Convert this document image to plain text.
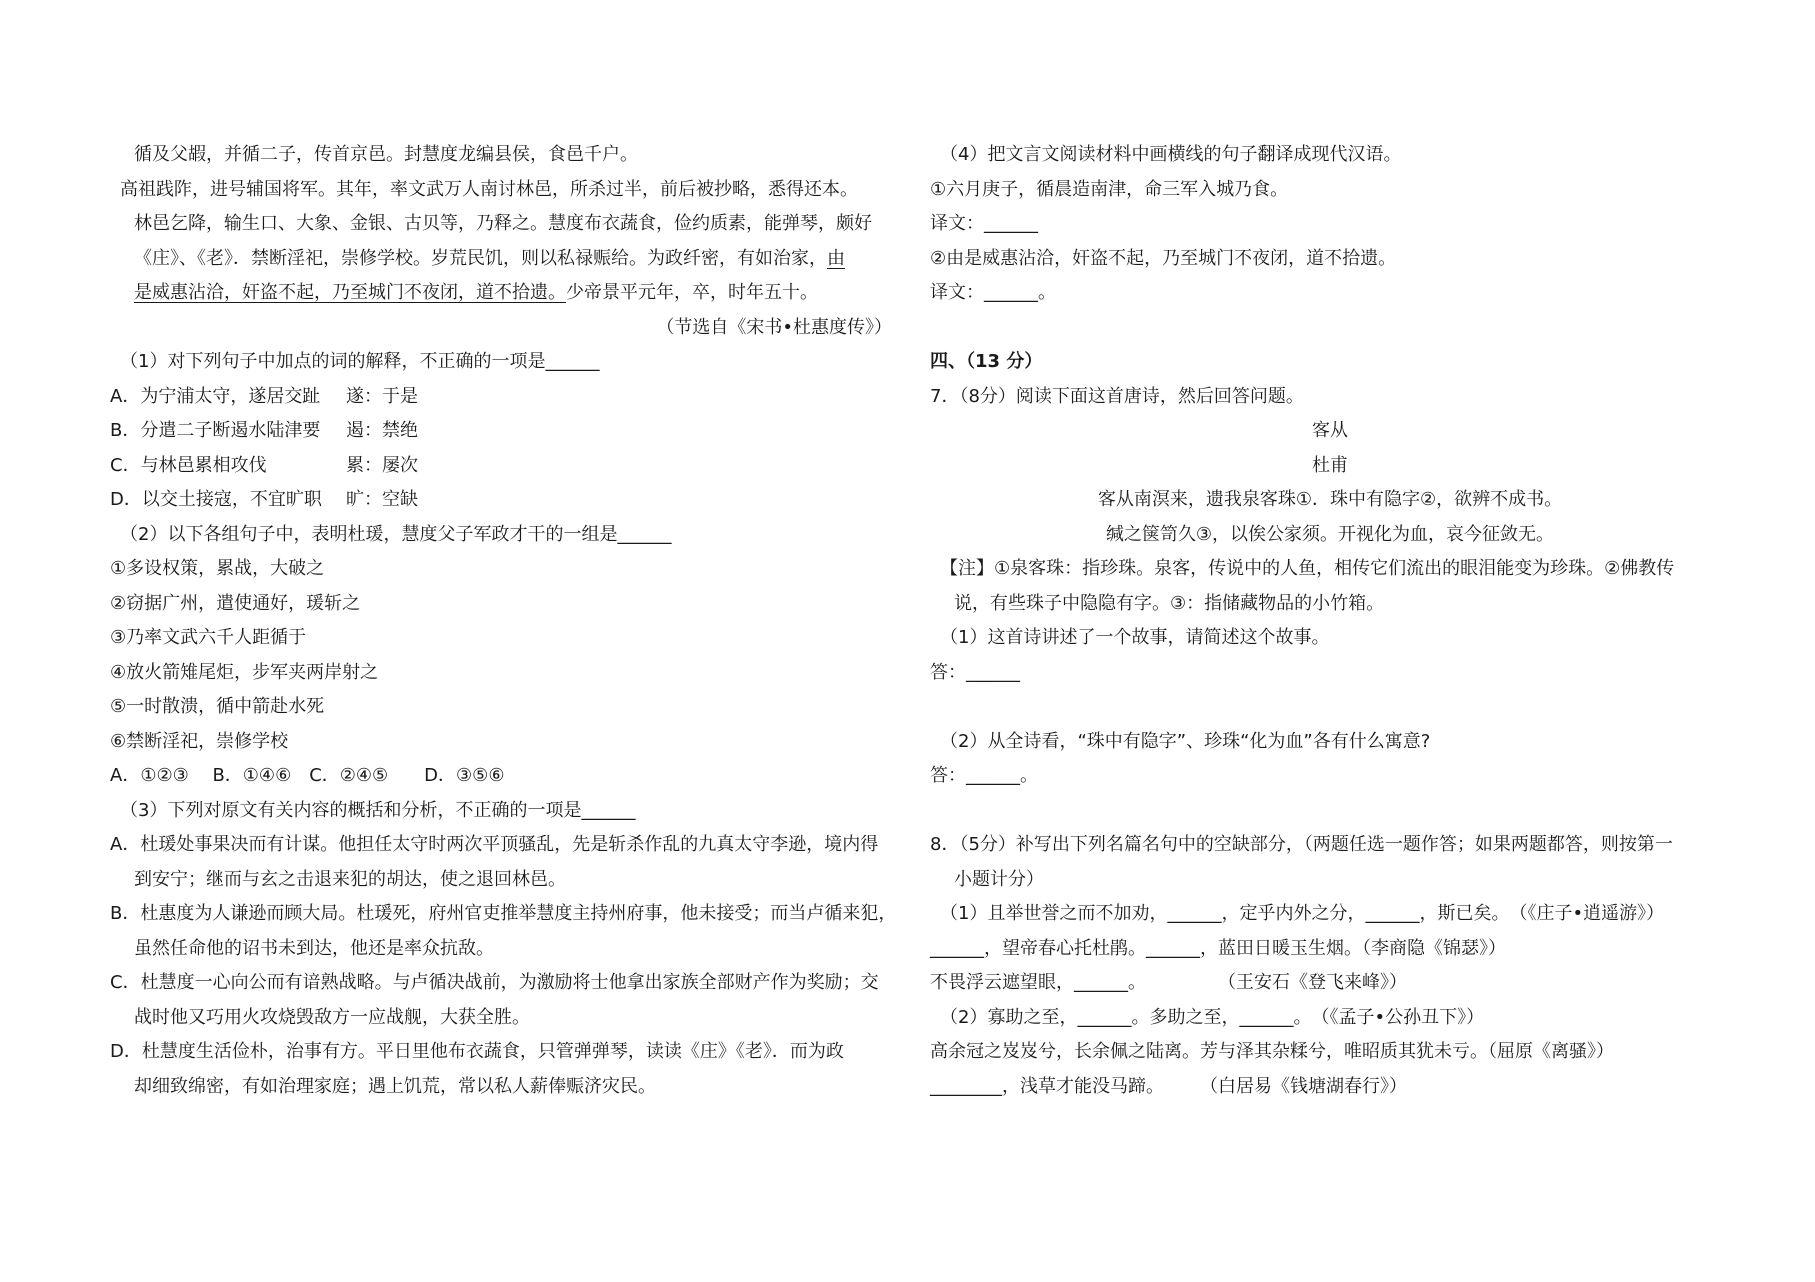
循及父嘏，并循二子，传首京邑。封慧度龙编县侯，食邑千户。
高祖践阼，进号辅国将军。其年，率文武万人南讨林邑，所杀过半，前后被抄略，悉得还本。
林邑乞降，输生口、大象、金银、古贝等，乃释之。慧度布衣蔬食，俭约质素，能弹琴，颇好
《庄》、《老》．禁断淫祀，崇修学校。岁荒民饥，则以私禄赈给。为政纤密，有如治家，由
是威惠沾洽，奸盗不起，乃至城门不夜闭，道不拾遗。少帝景平元年，卒，时年五十。
（节选自《宋书•杜惠度传》）
（1）对下列句子中加点的词的解释，不正确的一项是______
A．为宁浦太守，遂居交趾	遂：于是
B．分遣二子断遏水陆津要	遏：禁绝
C．与林邑累相攻伐	累：屡次
D．以交土接寇，不宜旷职	旷：空缺
（2）以下各组句子中，表明杜瑗，慧度父子军政才干的一组是______
①多设权策，累战，大破之
②窃据广州，遣使通好，瑗斩之
③乃率文武六千人距循于
④放火箭雉尾炬，步军夹两岸射之
⑤一时散溃，循中箭赴水死
⑥禁断淫祀，崇修学校
A．①②③　 B．①④⑥　C．②④⑤　　D．③⑤⑥
（3）下列对原文有关内容的概括和分析，不正确的一项是______
A．杜瑗处事果决而有计谋。他担任太守时两次平顶骚乱，先是斩杀作乱的九真太守李逊，境内得
到安宁；继而与玄之击退来犯的胡达，使之退回林邑。
B．杜惠度为人谦逊而顾大局。杜瑗死，府州官吏推举慧度主持州府事，他未接受；而当卢循来犯，
虽然任命他的诏书未到达，他还是率众抗敌。
C．杜慧度一心向公而有谙熟战略。与卢循决战前，为激励将士他拿出家族全部财产作为奖励；交
战时他又巧用火攻烧毁敌方一应战舰，大获全胜。
D．杜慧度生活俭朴，治事有方。平日里他布衣蔬食，只管弹弹琴，读读《庄》《老》．而为政
却细致绵密，有如治理家庭；遇上饥荒，常以私人薪俸赈济灾民。
（4）把文言文阅读材料中画横线的句子翻译成现代汉语。
①六月庚子，循晨造南津，命三军入城乃食。
译文：______
②由是威惠沾洽，奸盗不起，乃至城门不夜闭，道不拾遗。
译文：______。
四、（13 分）
7．（8分）阅读下面这首唐诗，然后回答问题。
客从
杜甫
客从南溟来，遗我泉客珠①．珠中有隐字②，欲辨不成书。
缄之箧笥久③，以俟公家须。开视化为血，哀今征敛无。
【注】①泉客珠：指珍珠。泉客，传说中的人鱼，相传它们流出的眼泪能变为珍珠。②佛教传
说，有些珠子中隐隐有字。③：指储藏物品的小竹箱。
（1）这首诗讲述了一个故事，请简述这个故事。
答：______
（2）从全诗看，“珠中有隐字”、珍珠“化为血”各有什么寓意?
答：______。
8．（5分）补写出下列名篇名句中的空缺部分，（两题任选一题作答；如果两题都答，则按第一
小题计分）
（1）且举世誉之而不加劝，______，定乎内外之分，______，斯已矣。　（《庄子•逍遥游》）
______，望帝春心托杜鹃。______，蓝田日暖玉生烟。（李商隐《锦瑟》）
不畏浮云遮望眼，______。　　　　　（王安石《登飞来峰》）
（2）寡助之至，______。多助之至，______。　（《孟子•公孙丑下》）
高余冠之岌岌兮，长余佩之陆离。芳与泽其杂糅兮，唯昭质其犹未亏。（屈原《离骚》）
________，浅草才能没马蹄。　　　（白居易《钱塘湖春行》）
